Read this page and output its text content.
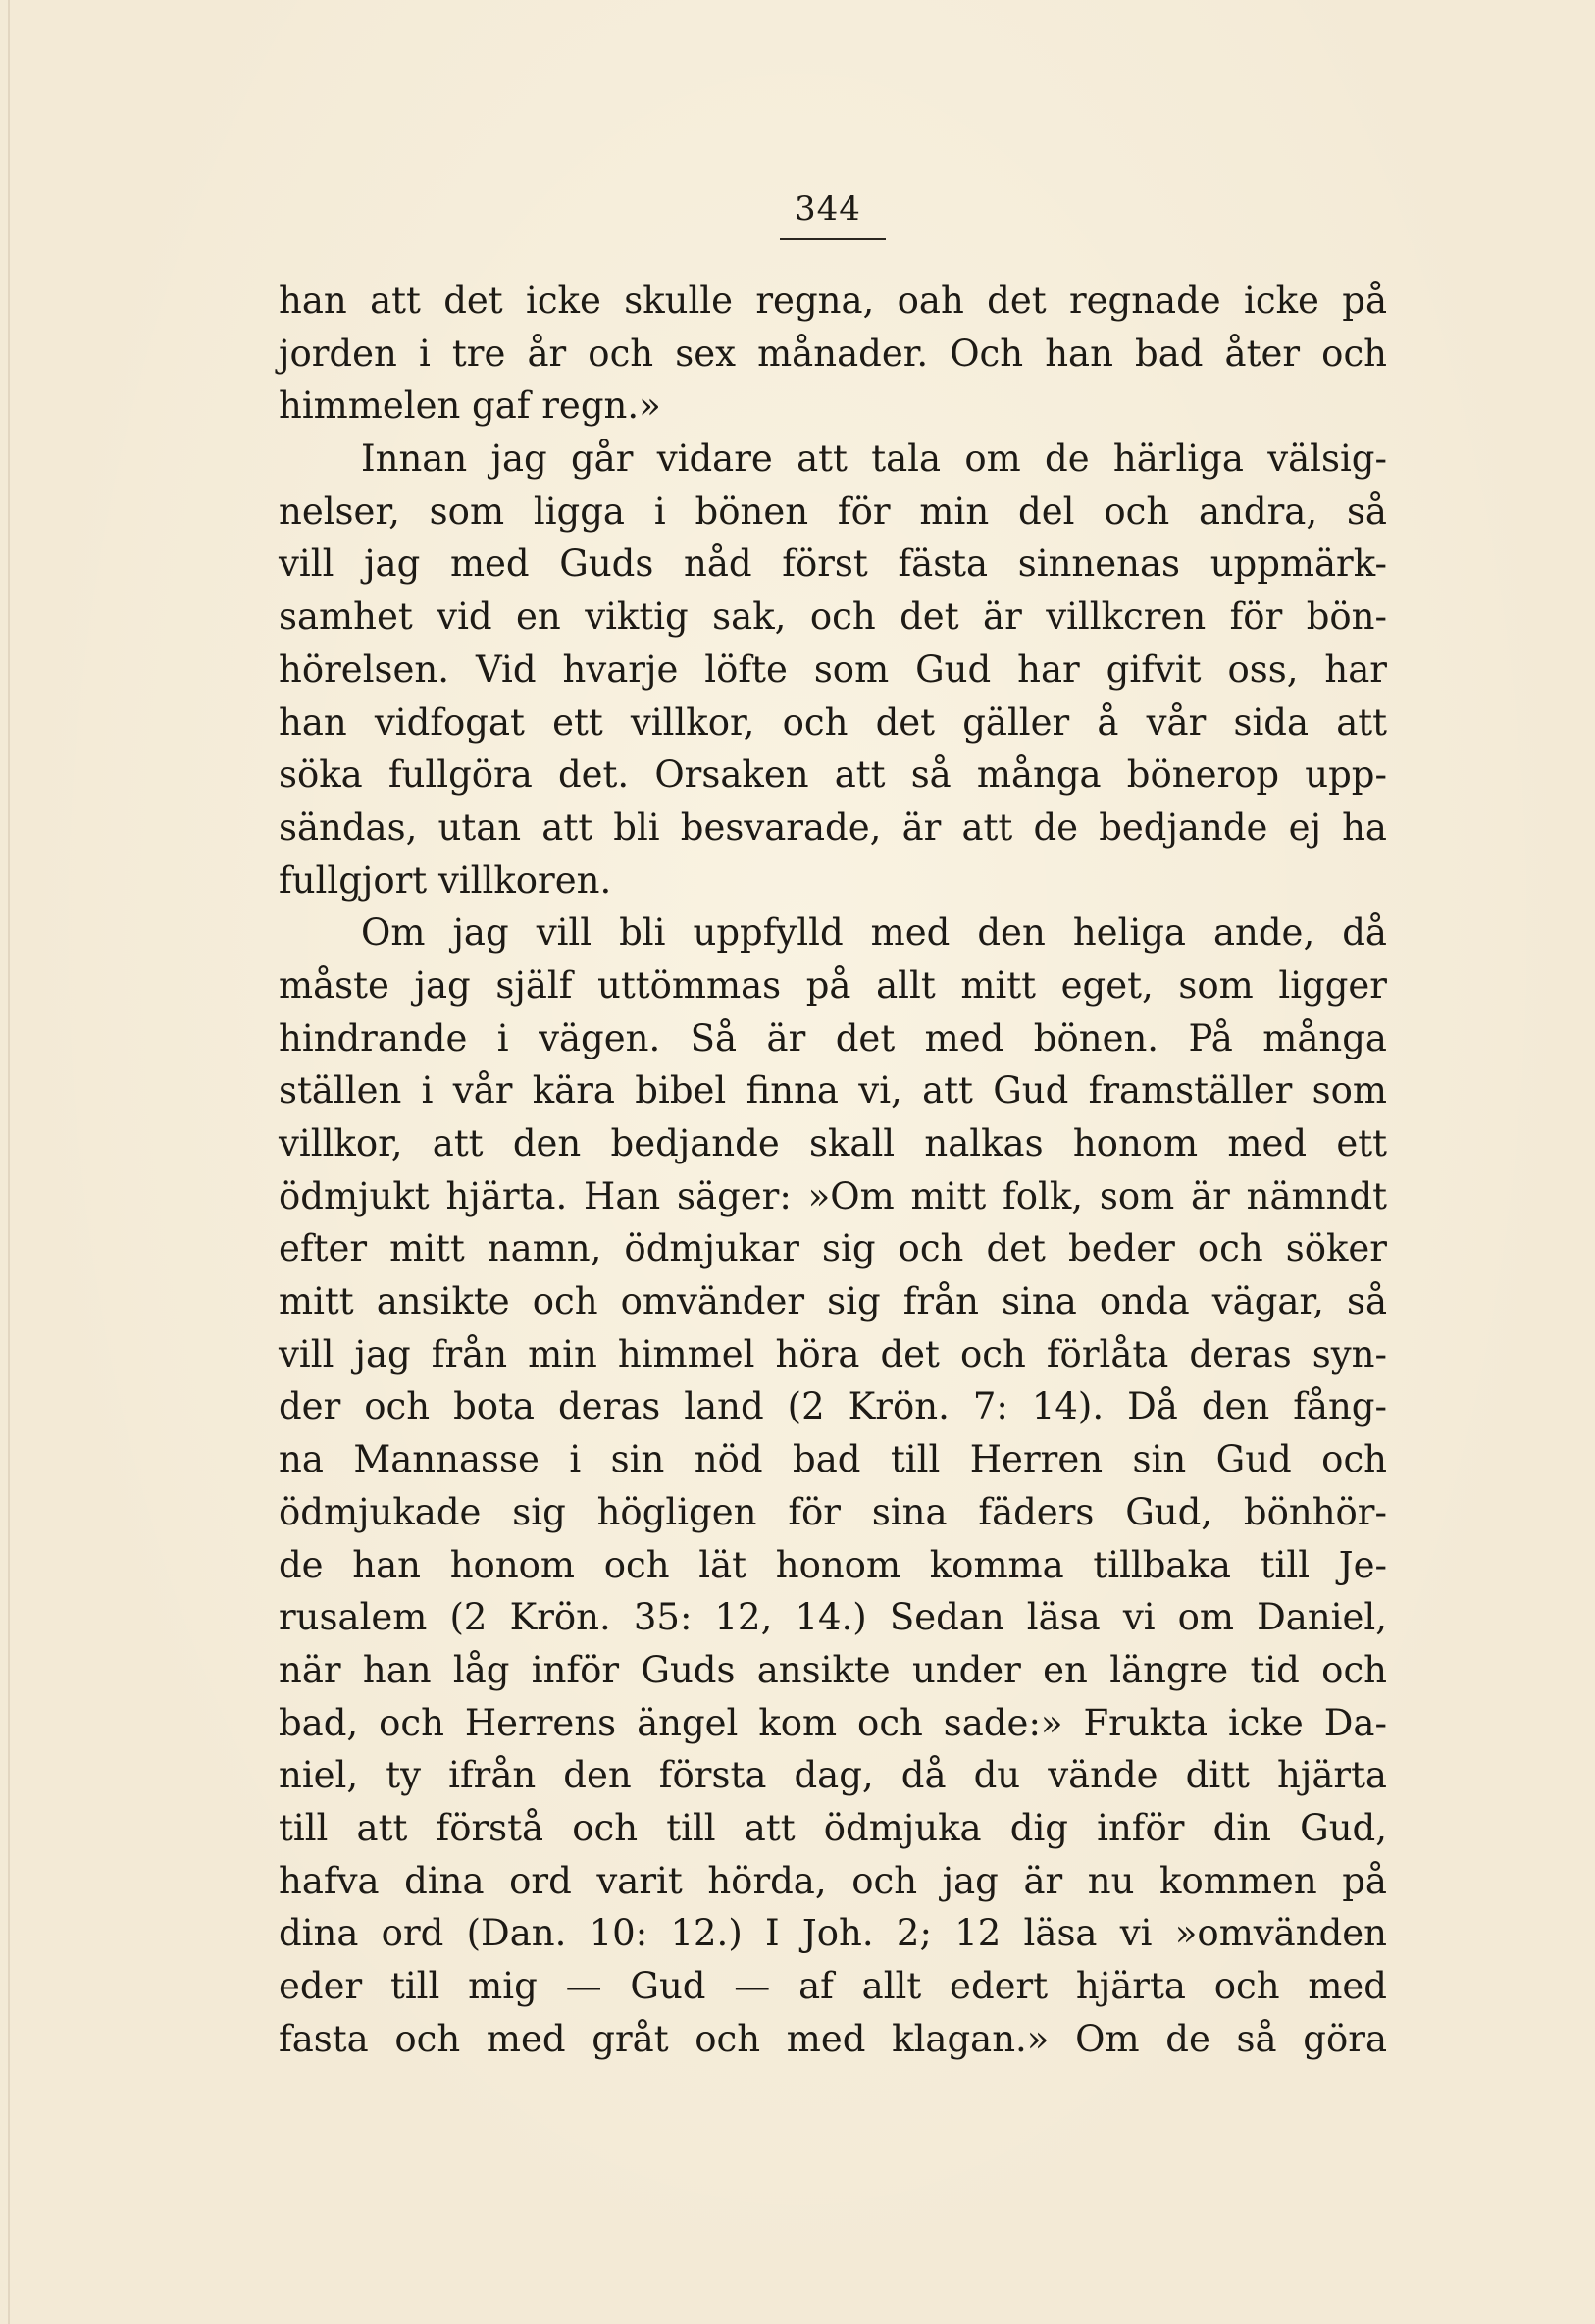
344
han att det icke skulle regna, oah det regnade icke på
jorden i tre år och sex månader. Och han bad åter och
himmelen gaf regn.»
Innan jag går vidare att tala om de härliga välsig-
nelser, som ligga i bönen för min del och andra, så
vill jag med Guds nåd först fästa sinnenas uppmärk-
samhet vid en viktig sak, och det är villkcren för bön-
hörelsen. Vid hvarje löfte som Gud har gifvit oss, har
han vidfogat ett villkor, och det gäller å vår sida att
söka fullgöra det. Orsaken att så många bönerop upp-
sändas, utan att bli besvarade, är att de bedjande ej ha
fullgjort villkoren.
Om jag vill bli uppfylld med den heliga ande, då
måste jag själf uttömmas på allt mitt eget, som ligger
hindrande i vägen. Så är det med bönen. På många
ställen i vår kära bibel finna vi, att Gud framställer som
villkor, att den bedjande skall nalkas honom med ett
ödmjukt hjärta. Han säger: »Om mitt folk, som är nämndt
efter mitt namn, ödmjukar sig och det beder och söker
mitt ansikte och omvänder sig från sina onda vägar, så
vill jag från min himmel höra det och förlåta deras syn-
der och bota deras land (2 Krön. 7: 14). Då den fång-
na Mannasse i sin nöd bad till Herren sin Gud och
ödmjukade sig högligen för sina fäders Gud, bönhör-
de han honom och lät honom komma tillbaka till Je-
rusalem (2 Krön. 35: 12, 14.) Sedan läsa vi om Daniel,
när han låg inför Guds ansikte under en längre tid och
bad, och Herrens ängel kom och sade:» Frukta icke Da-
niel, ty ifrån den första dag, då du vände ditt hjärta
till att förstå och till att ödmjuka dig inför din Gud,
hafva dina ord varit hörda, och jag är nu kommen på
dina ord (Dan. 10: 12.) I Joh. 2; 12 läsa vi »omvänden
eder till mig — Gud — af allt edert hjärta och med
fasta och med gråt och med klagan.» Om de så göra
